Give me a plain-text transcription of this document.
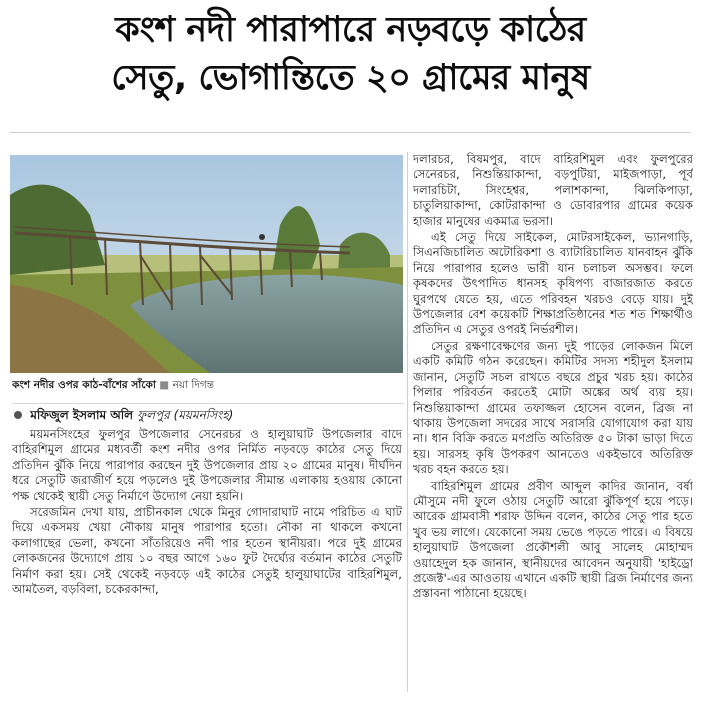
কংশ নদী পারাপারে নড়বড়ে কাঠের
সেতু, ভোগান্তিতে ২০ গ্রামের মানুষ
কংশ নদীর ওপর কাঠ-বাঁশের সাঁকো ■ নয়া দিগন্ত
মফিজুল ইসলাম অলি ফুলপুর (ময়মনসিংহ)

ময়মনসিংহের ফুলপুর উপজেলার সেনেরচর ও হালুয়াঘাট উপজেলার বাদে বাহিরশিমুল গ্রামের মধ্যবর্তী কংশ নদীর ওপর নির্মিত নড়বড়ে কাঠের সেতু দিয়ে প্রতিদিন ঝুঁকি নিয়ে পারাপার করছেন দুই উপজেলার প্রায় ২০ গ্রামের মানুষ। দীর্ঘদিন ধরে সেতুটি জরাজীর্ণ হয়ে পড়লেও দুই উপজেলার সীমান্ত এলাকায় হওয়ায় কোনো পক্ষ থেকেই স্থায়ী সেতু নির্মাণে উদ্যোগ নেয়া হয়নি।

সরেজমিন দেখা যায়, প্রাচীনকাল থেকে মিনুর গোদারাঘাট নামে পরিচিত এ ঘাট দিয়ে একসময় খেয়া নৌকায় মানুষ পারাপার হতো। নৌকা না থাকলে কখনো কলাগাছের ভেলা, কখনো সাঁতরিয়েও নদী পার হতেন স্থানীয়রা। পরে দুই গ্রামের লোকজনের উদ্যোগে প্রায় ১০ বছর আগে ১৬০ ফুট দৈর্ঘ্যের বর্তমান কাঠের সেতুটি নির্মাণ করা হয়। সেই থেকেই নড়বড়ে এই কাঠের সেতুই হালুয়াঘাটের বাহিরশিমুল, আমতৈল, বড়বিলা, চকেরকান্দা,

দলারচর, বিষমপুর, বাদে বাহিরশিমুল এবং ফুলপুরের সেনেরচর, নিশুন্তিয়াকান্দা, বড়পুটিয়া, মাইজপাড়া, পূর্ব দলারচিটা, সিংহেশ্বর, পলাশকান্দা, ঝিলকিপাড়া, চাতুলিয়াকান্দা, কোটরাকান্দা ও ডোবারপার গ্রামের কয়েক হাজার মানুষের একমাত্র ভরসা।

এই সেতু দিয়ে সাইকেল, মোটরসাইকেল, ভ্যানগাড়ি, সিএনজিচালিত অটোরিকশা ও ব্যাটারিচালিত যানবাহন ঝুঁকি নিয়ে পারাপার হলেও ভারী যান চলাচল অসম্ভব। ফলে কৃষকদের উৎপাদিত ধানসহ কৃষিপণ্য বাজারজাত করতে ঘুরপথে যেতে হয়, এতে পরিবহন খরচও বেড়ে যায়। দুই উপজেলার বেশ কয়েকটি শিক্ষাপ্রতিষ্ঠানের শত শত শিক্ষার্থীও প্রতিদিন এ সেতুর ওপরই নির্ভরশীল।

সেতুর রক্ষণাবেক্ষণের জন্য দুই পাড়ের লোকজন মিলে একটি কমিটি গঠন করেছেন। কমিটির সদস্য শহীদুল ইসলাম জানান, সেতুটি সচল রাখতে বছরে প্রচুর খরচ হয়। কাঠের পিলার পরিবর্তন করতেই মোটা অঙ্কের অর্থ ব্যয় হয়। নিশুন্তিয়াকান্দা গ্রামের তফাজ্জল হোসেন বলেন, ব্রিজ না থাকায় উপজেলা সদরের সাথে সরাসরি যোগাযোগ করা যায় না। ধান বিক্রি করতে মণপ্রতি অতিরিক্ত ৫০ টাকা ভাড়া দিতে হয়। সারসহ কৃষি উপকরণ আনতেও একইভাবে অতিরিক্ত খরচ বহন করতে হয়।

বাহিরশিমুল গ্রামের প্রবীণ আব্দুল কাদির জানান, বর্ষা মৌসুমে নদী ফুলে ওঠায় সেতুটি আরো ঝুঁকিপূর্ণ হয়ে পড়ে। আরেক গ্রামবাসী শরাফ উদ্দিন বলেন, কাঠের সেতু পার হতে খুব ভয় লাগে। যেকোনো সময় ভেঙে পড়তে পারে। এ বিষয়ে হালুয়াঘাট উপজেলা প্রকৌশলী আবু সালেহ মোহাম্মদ ওয়াহেদুল হক জানান, স্থানীয়দের আবেদন অনুযায়ী 'হাইড্রো প্রজেক্ট'-এর আওতায় এখানে একটি স্থায়ী ব্রিজ নির্মাণের জন্য প্রস্তাবনা পাঠানো হয়েছে।
